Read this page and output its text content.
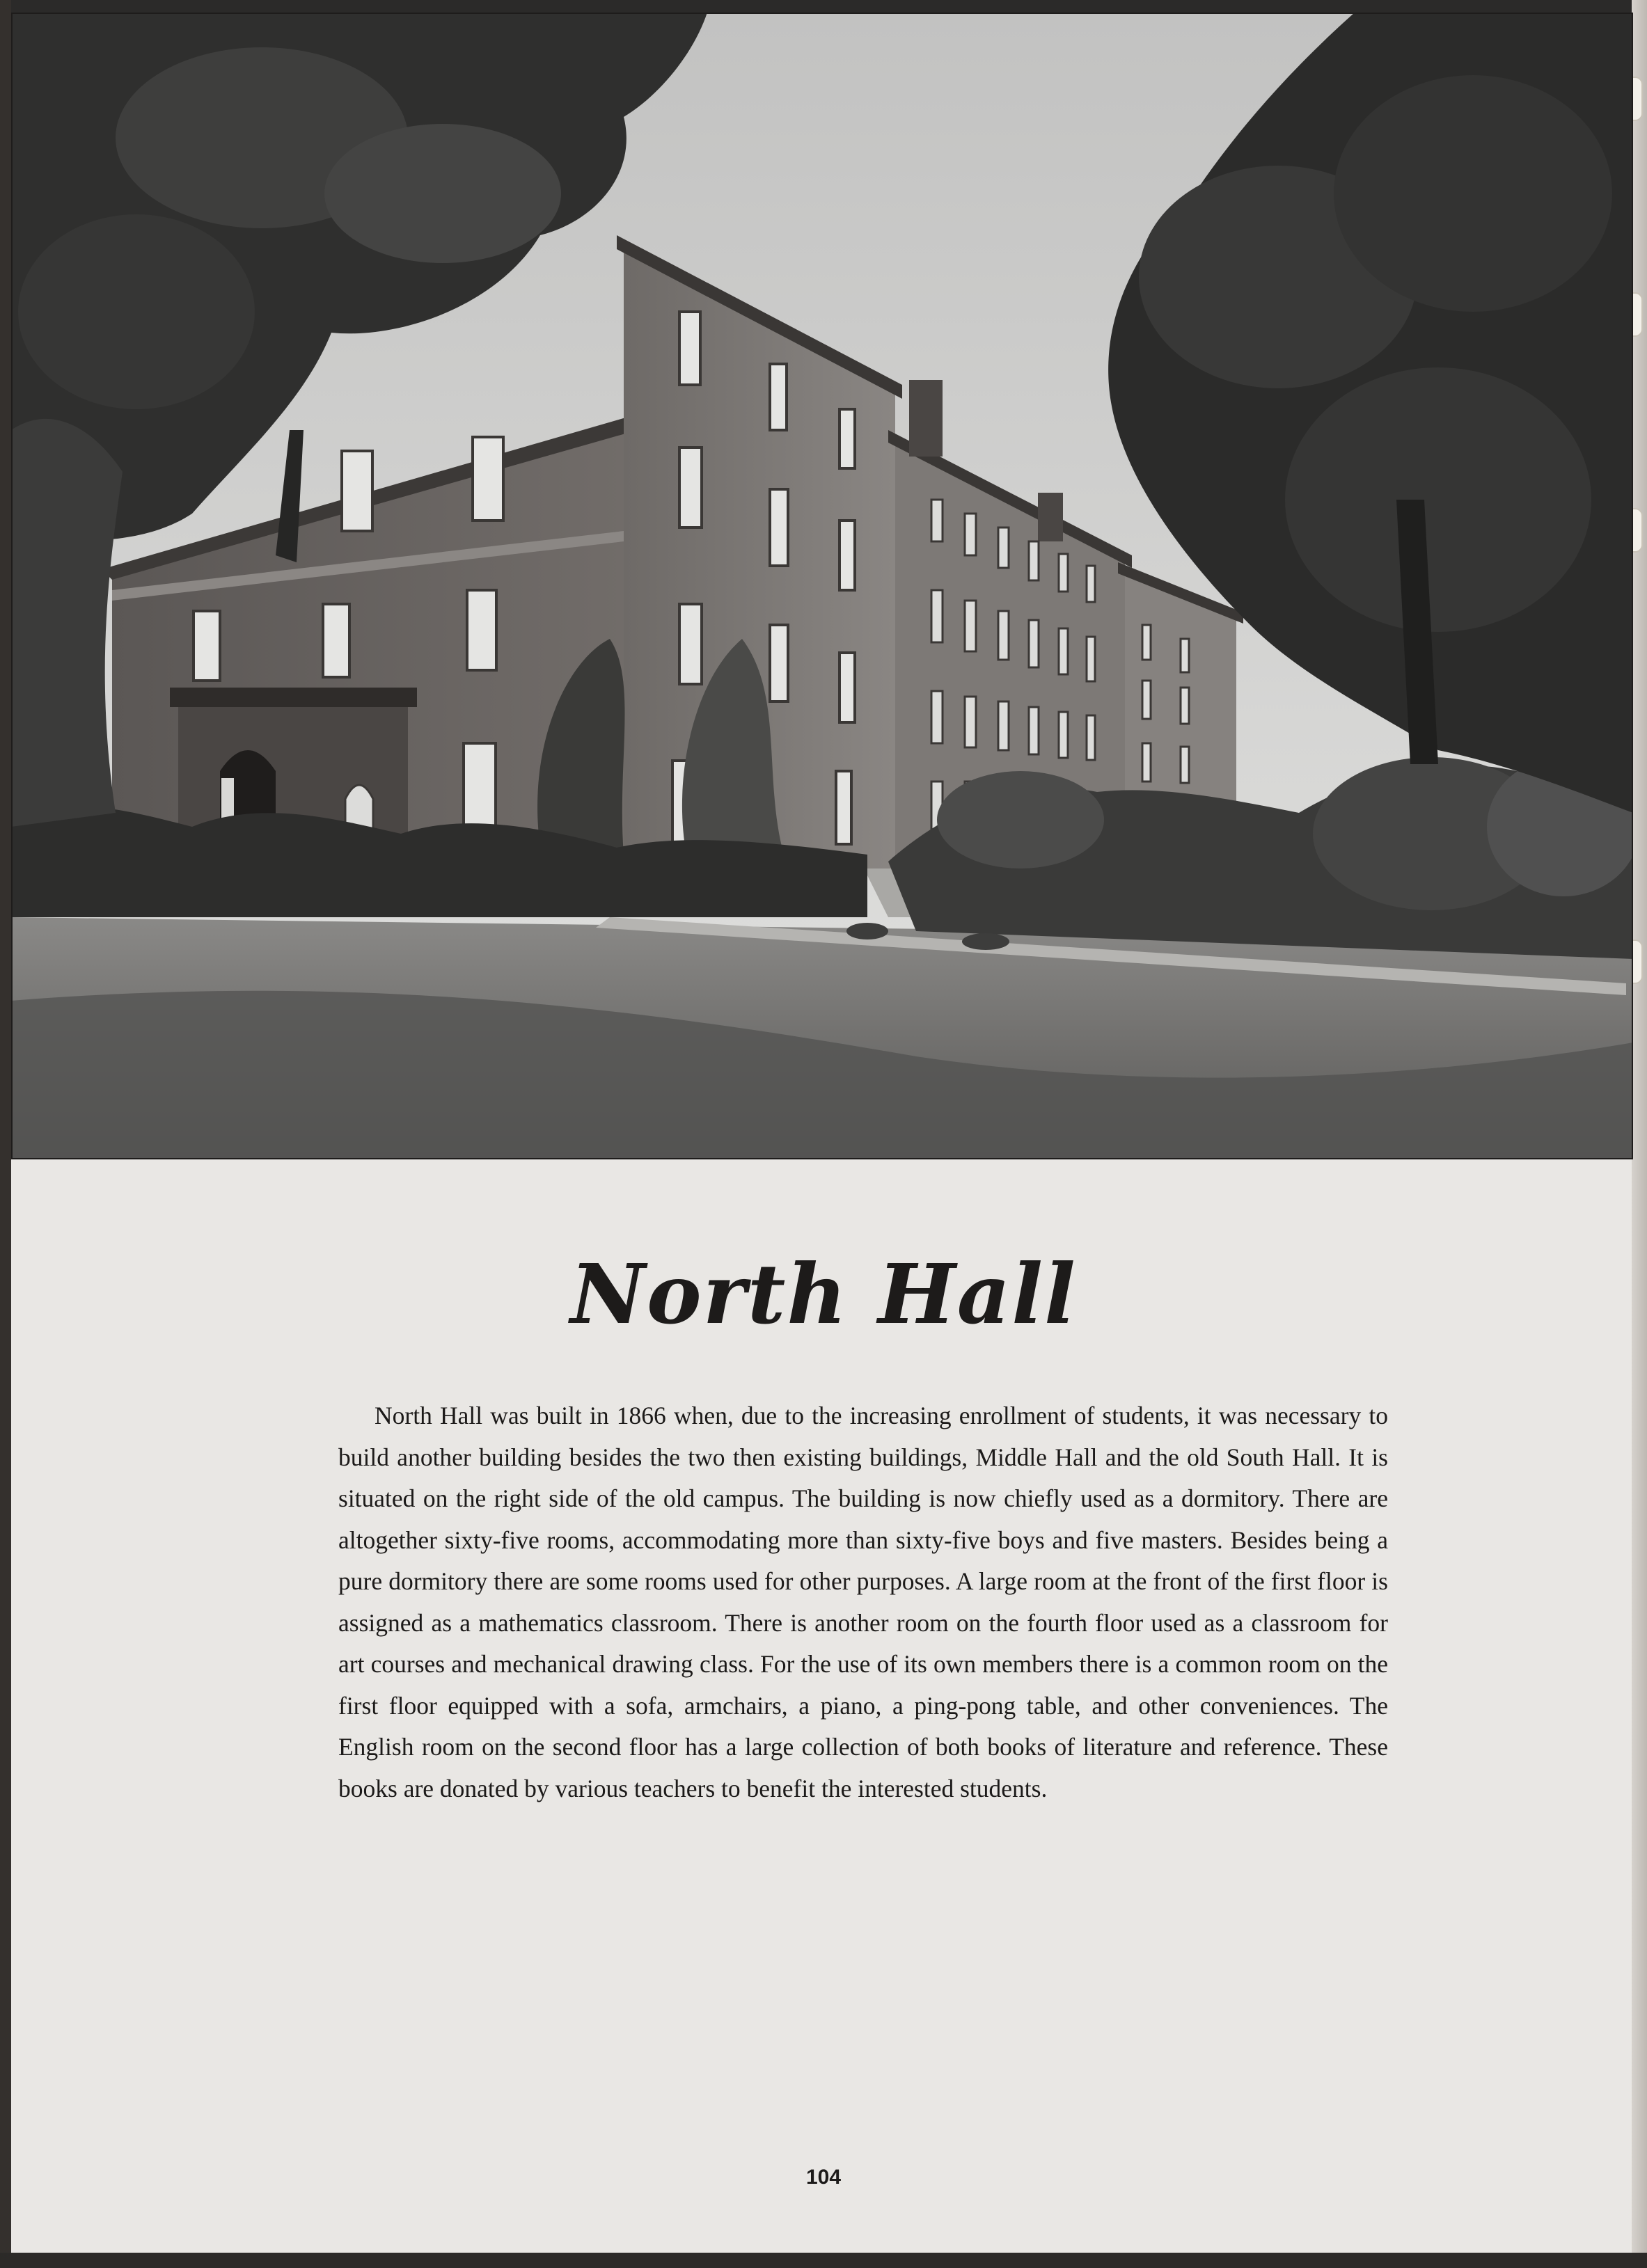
North Hall

North Hall was built in 1866 when, due to the increasing enrollment of students, it was necessary to build another building besides the two then existing buildings, Middle Hall and the old South Hall. It is situated on the right side of the old campus. The building is now chiefly used as a dormitory. There are altogether sixty-five rooms, accommodating more than sixty-five boys and five masters. Besides being a pure dormitory there are some rooms used for other purposes. A large room at the front of the first floor is assigned as a mathematics classroom. There is another room on the fourth floor used as a classroom for art courses and mechanical drawing class. For the use of its own members there is a common room on the first floor equipped with a sofa, armchairs, a piano, a ping-pong table, and other conveniences. The English room on the second floor has a large collection of both books of literature and reference. These books are donated by various teachers to benefit the interested students.

104
